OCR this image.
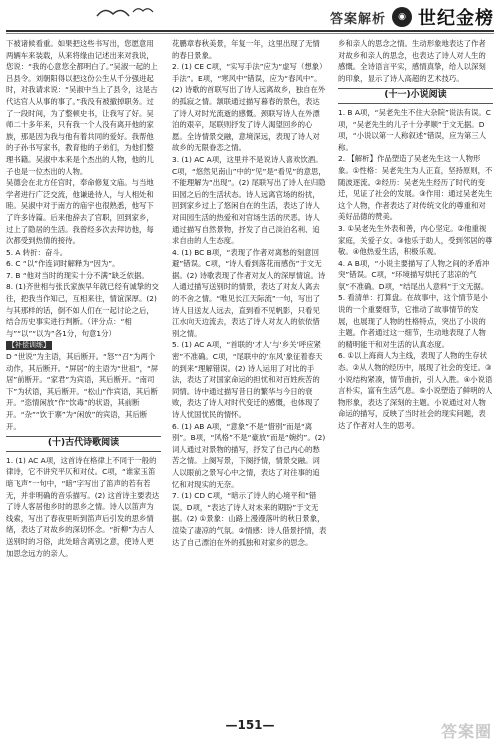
答案解析	◉ 世纪金榜

下被诸候看重。如果把这些书写出，您愿意用两辆车来装载，从来将缘由记述出来对我说，您说：“我的心意您全都明白了。”吴淑一起的上吕县令。刘朝阳得以把这份公生从千分强进起时，对我请求说：“吴淑中当上了县令，这是古代达官人从事的事了。”我没有被撤掉职务。过了一段时间，为了整顿史书，让我写了好。吴师二十多年来，只有我一个人没有离开他的家族，那是因为我与他有着共同的爱好。我帮他的子孙书写家书，教育他的子弟们，为他们整理书籍。吴淑中本来是个杰出的人物，他的儿子也是一位杰出的人物。

吴德会在北方任官时，奉命修复文庙。与当地学者进行广泛交流，他谦逊待人，与人相处和睦。吴淑中对于南方的庙宇也很熟悉，他写下了许多诗篇。后来他辞去了官职，回到家乡，过上了隐居的生活。我曾经多次去拜访他，每次都受到热情的接待。

5. A 转折：奋斗。

6. C “以”作连词时解释为“因为”。

7. B “他对当时的现实十分不满”缺乏依据。

8. (1)齐世相与张氏家族早年就已经有诚挚的交往，把我当作知己，互相来往，情谊深厚。(2)与其那样的话，倒不如人们在一起讨论之后，结合历史事实进行判断。（评分点：“相与”“以”“以为”各1分，句意1分）

【补偿训练】

D “世说”为主语，其后断开。“怒”“召”为两个动作，其后断开。“屏居”的主语为“世祖”，“屏居”前断开。“家君”为宾语，其后断开。“南司下”为状语，其后断开。“松山”作宾语，其后断开。“恣情闲放”作“饮毒”的状语，其前断开。“杂”“饮于寨”为“闲放”的宾语，其后断开。

(十)古代诗歌阅读

1. (1) AC A项，这首诗在格律上不同于一般的律诗，它不讲究平仄和对仗。C项，“谁家玉笛暗飞声”一句中，“暗”字写出了笛声的若有若无，并非明确的音乐描写。(2) 这首诗主要表达了诗人客居他乡时的思乡之情。诗人以笛声为线索，写出了春夜里听到笛声后引发的思乡情绪，表达了对故乡的深切怀念。“折柳”为古人送别时的习俗，此处暗含离别之意，使诗人更加思念远方的亲人。

花鹏章春秋美景，年复一年，这里出现了无情的春日景象。

2. (1) CE C项，“实写手法”应为“虚写（想象）手法”。E项，“寒风中”错误，应为“春风中”。(2) 诗歌的首联写出了诗人远离故乡，独自在外的孤寂之情。颔联通过描写暮春的景色，表达了诗人对时光流逝的感慨。颈联写诗人在外漂泊的艰辛，尾联则抒发了诗人渴望回乡的心愿。全诗情景交融，意境深远，表现了诗人对故乡的无限眷恋之情。

3. (1) AC A项，这里并不是说诗人喜欢饮酒。C项，“悠然见南山”中的“见”是“看见”的意思，不能理解为“出现”。(2) 尾联写出了诗人在归隐田园之后的生活状态。诗人远离官场的纷扰，回到家乡过上了悠闲自在的生活，表达了诗人对田园生活的热爱和对官场生活的厌恶。诗人通过描写自然景物，抒发了自己淡泊名利、追求自由的人生态度。

4. (1) BC B项，“表现了作者对离愁的刻意回避”错误。C项，“诗人看到落花而感伤”于文无据。(2) 诗歌表现了作者对友人的深厚情谊。诗人通过描写送别时的情景，表达了对友人离去的不舍之情。“唯见长江天际流”一句，写出了诗人目送友人远去，直到看不见帆影，只看见江水向天边流去，表达了诗人对友人的依依惜别之情。

5. (1) AC A项，“首联的‘才人’与‘乡关’呼应紧密”不准确。C项，“尾联中的‘东风’象征着春天的到来”理解错误。(2) 诗人运用了对比的手法，表达了对国家命运的担忧和对百姓疾苦的同情。诗中通过描写昔日的繁华与今日的衰败，表达了诗人对时代变迁的感慨，也体现了诗人忧国忧民的情怀。

6. (1) AB A项，“意象”不是“惜别”而是“离别”。B项，“风格”不是“豪放”而是“婉约”。(2) 词人通过对景物的描写，抒发了自己内心的愁苦之情。上阕写景，下阕抒情，情景交融。词人以眼前之景写心中之情，表达了对往事的追忆和对现实的无奈。

7. (1) CD C项，“暗示了诗人的心境平和”错误。D项，“表达了诗人对未来的期盼”于文无据。(2) ①景象：山路上漫漫落叶的秋日景象，渲染了凄凉的气氛。②情感：诗人借景抒情，表达了自己漂泊在外的孤独和对家乡的思念。

乡和亲人的思念之情。生动形象地表达了作者对故乡和亲人的思念，也表达了诗人对人生的感慨。全诗语言平实，感情真挚，给人以深刻的印象，显示了诗人高超的艺术技巧。

(十一)小说阅读

1. B A项，“吴老先生不住大杂院”说法有误。C项，“吴老先生的儿子十分孝顺”于文无据。D项，“小说以第一人称叙述”错误，应为第三人称。

2. 【解析】作品塑造了吴老先生这一人物形象。①性格：吴老先生为人正直，坚持原则，不随波逐流。②经历：吴老先生经历了时代的变迁，见证了社会的发展。③作用：通过吴老先生这个人物，作者表达了对传统文化的尊重和对美好品德的赞美。

3. ①吴老先生外表和善，内心坚定。②他重视家庭，关爱子女。③他乐于助人，受到邻居的尊敬。④他热爱生活，积极乐观。

4. A B项，“小说主要描写了人物之间的矛盾冲突”错误。C项，“环境描写烘托了悲凉的气氛”不准确。D项，“结尾出人意料”于文无据。

5. 看清单：打算盘。在故事中，这个情节是小说的一个重要细节，它推动了故事情节的发展，也展现了人物的性格特点，突出了小说的主题。作者通过这一细节，生动地表现了人物的精明能干和对生活的认真态度。

6. ①以上海商人为主线，表现了人物的生存状态。②从人物的经历中，展现了社会的变迁。③小说结构紧凑，情节曲折，引人入胜。④小说语言朴实，富有生活气息。⑤小说塑造了鲜明的人物形象，表达了深刻的主题。小说通过对人物命运的描写，反映了当时社会的现实问题，表达了作者对人生的思考。

—151—	答案圈
